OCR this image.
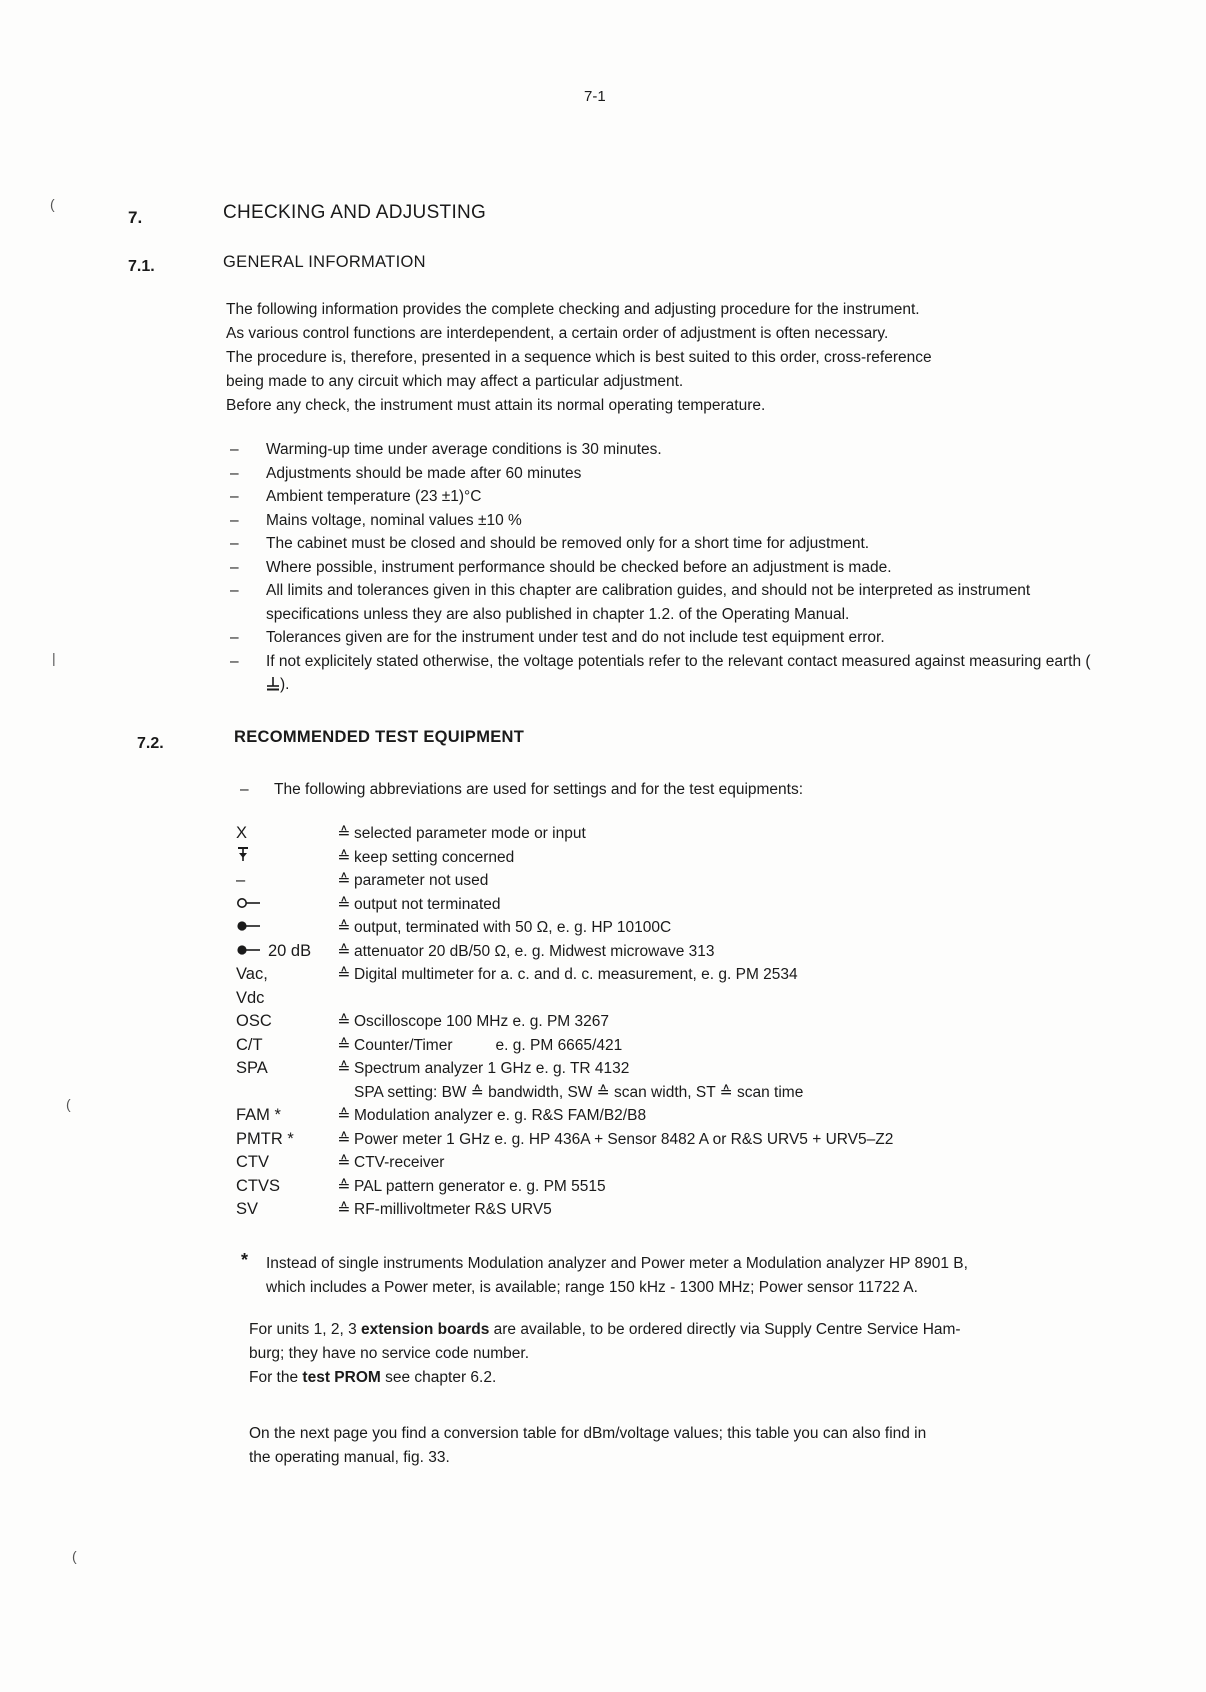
7-1
(
|
(
(
7.	CHECKING AND ADJUSTING
7.1.	GENERAL INFORMATION

The following information provides the complete checking and adjusting procedure for the instrument.

As various control functions are interdependent, a certain order of adjustment is often necessary.

The procedure is, therefore, presented in a sequence which is best suited to this order, cross-reference

being made to any circuit which may affect a particular adjustment.

Before any check, the instrument must attain its normal operating temperature.

– Warming-up time under average conditions is 30 minutes.
– Adjustments should be made after 60 minutes
– Ambient temperature (23 ±1)°C
– Mains voltage, nominal values ±10 %
– The cabinet must be closed and should be removed only for a short time for adjustment.
– Where possible, instrument performance should be checked before an adjustment is made.
– All limits and tolerances given in this chapter are calibration guides, and should not be interpreted as instrument specifications unless they are also published in chapter 1.2. of the Operating Manual.
– Tolerances given are for the instrument under test and do not include test equipment error.
– If not explicitely stated otherwise, the voltage potentials refer to the relevant contact measured against measuring earth ().
7.2.	RECOMMENDED TEST EQUIPMENT
– The following abbreviations are used for settings and for the test equipments:
X	≙ selected parameter mode or input
≙ keep setting concerned
–	≙ parameter not used
≙ output not terminated
≙ output, terminated with 50 Ω, e. g. HP 10100C
20 dB	≙ attenuator 20 dB/50 Ω, e. g. Midwest microwave 313
Vac,	≙ Digital multimeter for a. c. and d. c. measurement, e. g. PM 2534
Vdc
OSC	≙ Oscilloscope 100 MHz e. g. PM 3267
C/T	≙ Counter/Timer          e. g. PM 6665/421
SPA	≙ Spectrum analyzer 1 GHz e. g. TR 4132
SPA setting: BW ≙ bandwidth, SW ≙ scan width, ST ≙ scan time
FAM *	≙ Modulation analyzer e. g. R&S FAM/B2/B8
PMTR *	≙ Power meter 1 GHz e. g. HP 436A + Sensor 8482 A or R&S URV5 + URV5–Z2
CTV	≙ CTV-receiver
CTVS	≙ PAL pattern generator e. g. PM 5515
SV	≙ RF-millivoltmeter R&S URV5
* Instead of single instruments Modulation analyzer and Power meter a Modulation analyzer HP 8901 B,

which includes a Power meter, is available; range 150 kHz - 1300 MHz; Power sensor 11722 A.

For units 1, 2, 3 extension boards are available, to be ordered directly via Supply Centre Service Ham-

burg; they have no service code number.

For the test PROM see chapter 6.2.

On the next page you find a conversion table for dBm/voltage values; this table you can also find in

the operating manual, fig. 33.
